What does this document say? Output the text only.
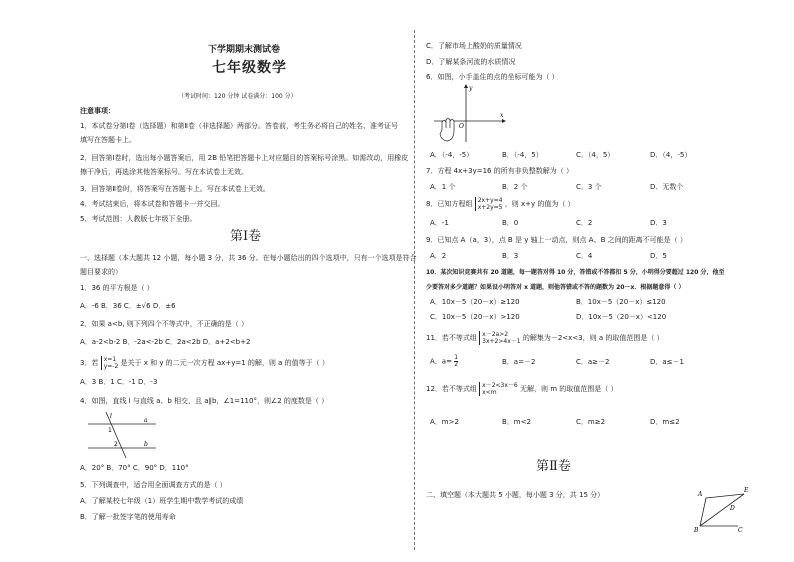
下学期期末测试卷
七年级数学
（考试时间：120 分钟 试卷满分：100 分）
注意事项：
1．本试卷分第Ⅰ卷（选择题）和第Ⅱ卷（非选择题）两部分。答卷前，考生务必将自己的姓名、准考证号
填写在答题卡上。
2．回答第Ⅰ卷时，选出每小题答案后，用 2B 铅笔把答题卡上对应题目的答案标号涂黑。如需改动，用橡皮
擦干净后，再选涂其他答案标号。写在本试卷上无效。
3．回答第Ⅱ卷时，将答案写在答题卡上。写在本试卷上无效。
4．考试结束后，将本试卷和答题卡一并交回。
5．考试范围：人教版七年级下全册。
第Ⅰ卷
一、选择题（本大题共 12 小题，每小题 3 分，共 36 分。在每小题给出的四个选项中，只有一个选项是符合
题目要求的）
1．36 的平方根是（ ）
A．-6 B．36 C．±√6 D．±6
2．如果 a<b, 则下列四个不等式中，不正确的是（ ）
A．a-2<b-2 B．-2a<-2b C．2a<2b D．a+2<b+2
3．若 x=1
y=-2 是关于 x 和 y 的二元一次方程 ax+y=1 的解，则 a 的值等于（ ）
A．3 B．1 C．-1 D．-3
4．如图，直线 l 与直线 a、b 相交，且 a∥b，∠1=110°，则∠2 的度数是（ ）
l
a
b
1
2
A．20° B．70° C．90° D．110°
5．下列调查中，适合用全面调查方式的是（ ）
A．了解某校七年级（1）班学生期中数学考试的成绩
B．了解一批签字笔的使用寿命
C．了解市场上酸奶的质量情况
D．了解某条河流的水质情况
6．如图，小手盖住的点的坐标可能为（ ）
x
y
O
A．（-4，-5）	B．（-4，5）	C．（4，5）	D．（4，-5）
7．方程 4x+3y=16 的所有非负整数解为（ ）
A．1 个	B．2 个	C．3 个	D．无数个
8．已知方程组 2x+y=4
x+2y=5 ，则 x+y 的值为（ ）
A．-1	B．0	C．2	D．3
9．已知点 A（a，3），点 B 是 y 轴上一动点，则点 A、B 之间的距离不可能是（ ）
A．2	B．3	C．4	D．5
10．某次知识竞赛共有 20 道题，每一题答对得 10 分，答错或不答都扣 5 分，小明得分要超过 120 分，他至
少要答对多少道题？如果设小明答对 x 道题，则他答错或不答的题数为 20－x．根据题意得（ ）
A．10x－5（20－x）≥120	B．10x－5（20－x）≤120
C．10x－5（20－x）>120	D．10x－5（20－x）<120
11．若不等式组 x－2a>2
3x+2>4x－1 的解集为－2<x<3，则 a 的取值范围是（ ）
A．$a= \frac{1}{2}$	B．a=－2	C．a≥－2	D．a≤－1
12．若不等式组 x－2<3x－6
x<m	无解，则 m 的取值范围是（ ）
A．m>2	B．m<2	C．m≥2	D．m≤2
第Ⅱ卷
二、填空题（本大题共 5 小题，每小题 3 分，共 15 分）	A
B	C
D
E
